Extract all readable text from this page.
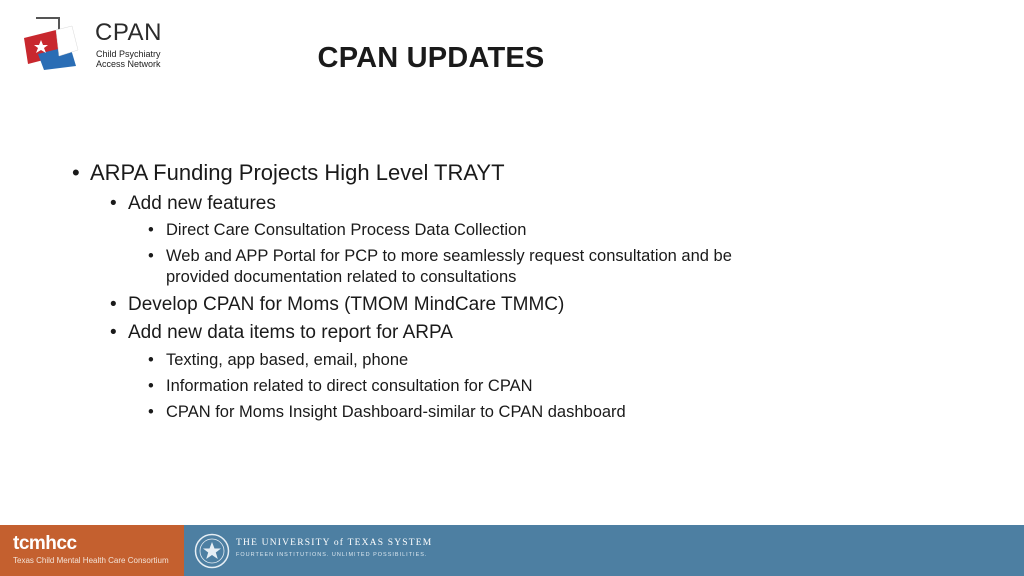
CPAN
Child Psychiatry
Access Network	CPAN UPDATES
• ARPA Funding Projects High Level TRAYT
• Add new features
• Direct Care Consultation Process Data Collection
• Web and APP Portal for PCP to more seamlessly request consultation and be
provided documentation related to consultations
• Develop CPAN for Moms (TMOM MindCare TMMC)
• Add new data items to report for ARPA
• Texting, app based, email, phone
• Information related to direct consultation for CPAN
• CPAN for Moms Insight Dashboard-similar to CPAN dashboard
tcmhcc
Texas Child Mental Health Care Consortium
THE UNIVERSITY of TEXAS SYSTEM
FOURTEEN INSTITUTIONS. UNLIMITED POSSIBILITIES.
